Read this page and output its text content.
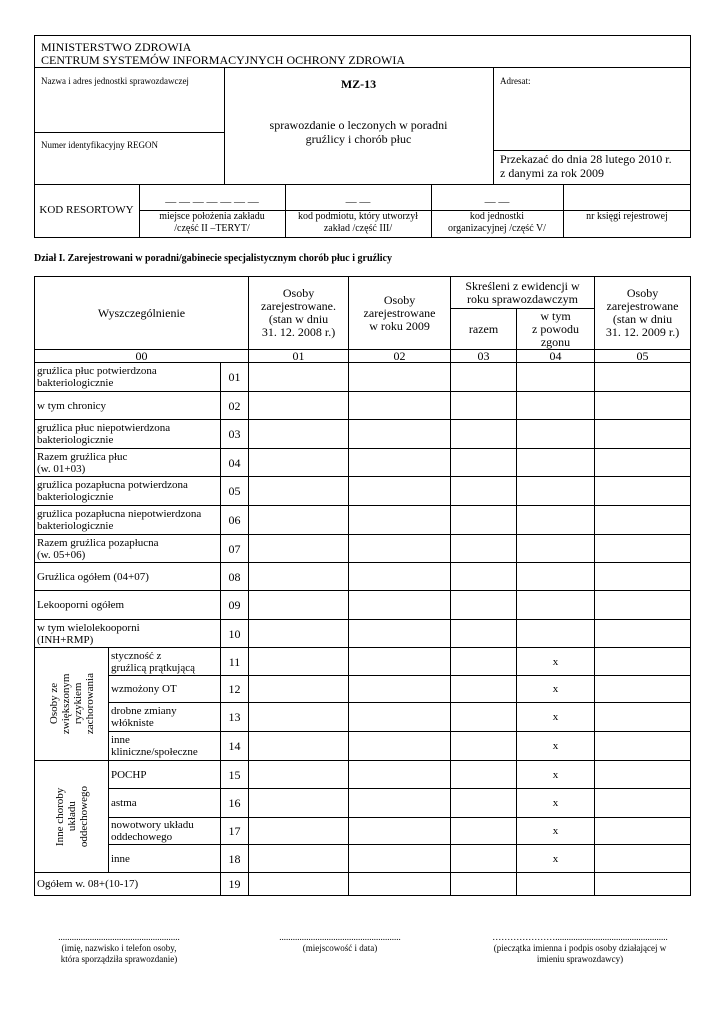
MINISTERSTWO ZDROWIA
CENTRUM SYSTEMÓW INFORMACYJNYCH OCHRONY ZDROWIA
Nazwa i adres jednostki sprawozdawczej
Numer identyfikacyjny REGON
MZ-13
sprawozdanie o leczonych w poradni
gruźlicy i chorób płuc
Adresat:
Przekazać do dnia 28 lutego 2010 r.
z danymi za rok 2009
KOD RESORTOWY
— — — — — — —	— —	— —
miejsce położenia zakładu
/część II –TERYT/
kod podmiotu, który utworzył
zakład /część III/
kod jednostki
organizacyjnej /część V/
nr księgi rejestrowej
Dział I. Zarejestrowani w poradni/gabinecie specjalistycznym chorób płuc i gruźlicy
Wyszczególnienie			Osoby
zarejestrowane.
(stan w dniu
31. 12. 2008 r.)	Osoby
zarejestrowane
w roku 2009	Skreśleni z ewidencji w
roku sprawozdawczym		Osoby
zarejestrowane
(stan w dniu
31. 12. 2009 r.)
					razem	w tym
z powodu
zgonu	
00			01	02	03	04	05
gruźlica płuc potwierdzona bakteriologicznie		01					
w tym chronicy		02					
gruźlica płuc niepotwierdzona bakteriologicznie		03					
Razem gruźlica płuc
(w. 01+03)		04					
gruźlica pozapłucna potwierdzona bakteriologicznie		05					
gruźlica pozapłucna niepotwierdzona bakteriologicznie		06					
Razem gruźlica pozapłucna
(w. 05+06)		07					
Gruźlica ogółem (04+07)		08					
Lekooporni ogółem		09					
w tym wielolekooporni
(INH+RMP)		10					

Osoby ze
zwiększonym
ryzykiem
zachorowania	styczność z
gruźlicą prątkującą	11				x	
	wzmożony OT	12				x	
	drobne zmiany
włókniste	13				x	
	inne
kliniczne/społeczne	14				x	

Inne choroby
układu
oddechowego	POCHP	15				x	
	astma	16				x	
	nowotwory układu
oddechowego	17				x	
	inne	18				x	
Ogółem w. 08+(10-17)		19					
......................................................
(imię, nazwisko i telefon osoby,
która sporządziła sprawozdanie)
......................................................
(miejscowość i data)
…………………..................................................
(pieczątka imienna i podpis osoby działającej w
imieniu sprawozdawcy)
